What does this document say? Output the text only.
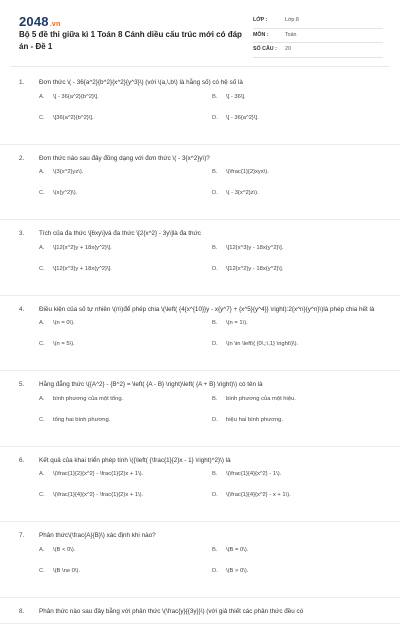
2048.vn
Bộ 5 đề thi giữa kì 1 Toán 8 Cánh diều cấu trúc mới có đáp án - Đề 1
LỚP :	Lớp 8
MÔN :	Toán
SỐ CÂU : 20
1. Đơn thức \( - 36{a^2}{b^2}{x^2}{y^3}\) (với \(a,\,b\) là hằng số) có hệ số là
A. \[ - 36{a^2}{b^2}\].	B. \[ - 36\].
C. \[36{a^2}{b^2}\].	D. \[ - 36{a^2}\].
2. Đơn thức nào sau đây đồng dạng với đơn thức \( - 3{x^2}y\)?
A. \(3{x^2}yz\).	B. \(\frac{1}{2}xyx\).
C. \(x{y^2}\).	D. \( - 3{x^2}z\).
3. Tích của đa thức \[6xy\]và đa thức \[2{x^2} - 3y\]là đa thức
A. \[12{x^2}y + 18x{y^2}\].	B. \[12{x^3}y - 18x{y^2}\].
C. \[12{x^3}y + 18x{y^2}\].	D. \[12{x^2}y - 18x{y^2}\].
4. Điều kiện của số tự nhiên \(n\)để phép chia \(\left( {4{x^{10}}y - x{y^7} + {x^5}{y^4}} \right):2{x^n}{y^n}\)là phép chia hết là
A. \(n = 0\).	B. \(n = 1\).
C. \(n = 5\).	D. \(n \in \left\{ {0\,;\,1} \right\}\).
5. Hằng đẳng thức \({A^2} - {B^2} = \left( {A - B} \right)\left( {A + B} \right)\) có tên là
A. bình phương của một tổng.	B. bình phương của một hiệu.
C. tổng hai bình phương.	D. hiệu hai bình phương.
6. Kết quả của khai triển phép tính \({\left( {\frac{1}{2}x - 1} \right)^2}\) là
A. \(\frac{1}{2}{x^2} - \frac{1}{2}x + 1\).	B. \(\frac{1}{4}{x^2} - 1\).
C. \(\frac{1}{4}{x^2} - \frac{1}{2}x + 1\).	D. \(\frac{1}{4}{x^2} - x + 1\).
7. Phân thức\(\frac{A}{B}\) xác định khi nào?
A. \(B < 0\).	B. \(B = 0\).
C. \(B \ne 0\).	D. \(B > 0\).
8. Phân thức nào sau đây bằng với phân thức \(\frac{y}{{3y}}\) (với giả thiết các phân thức đều có
